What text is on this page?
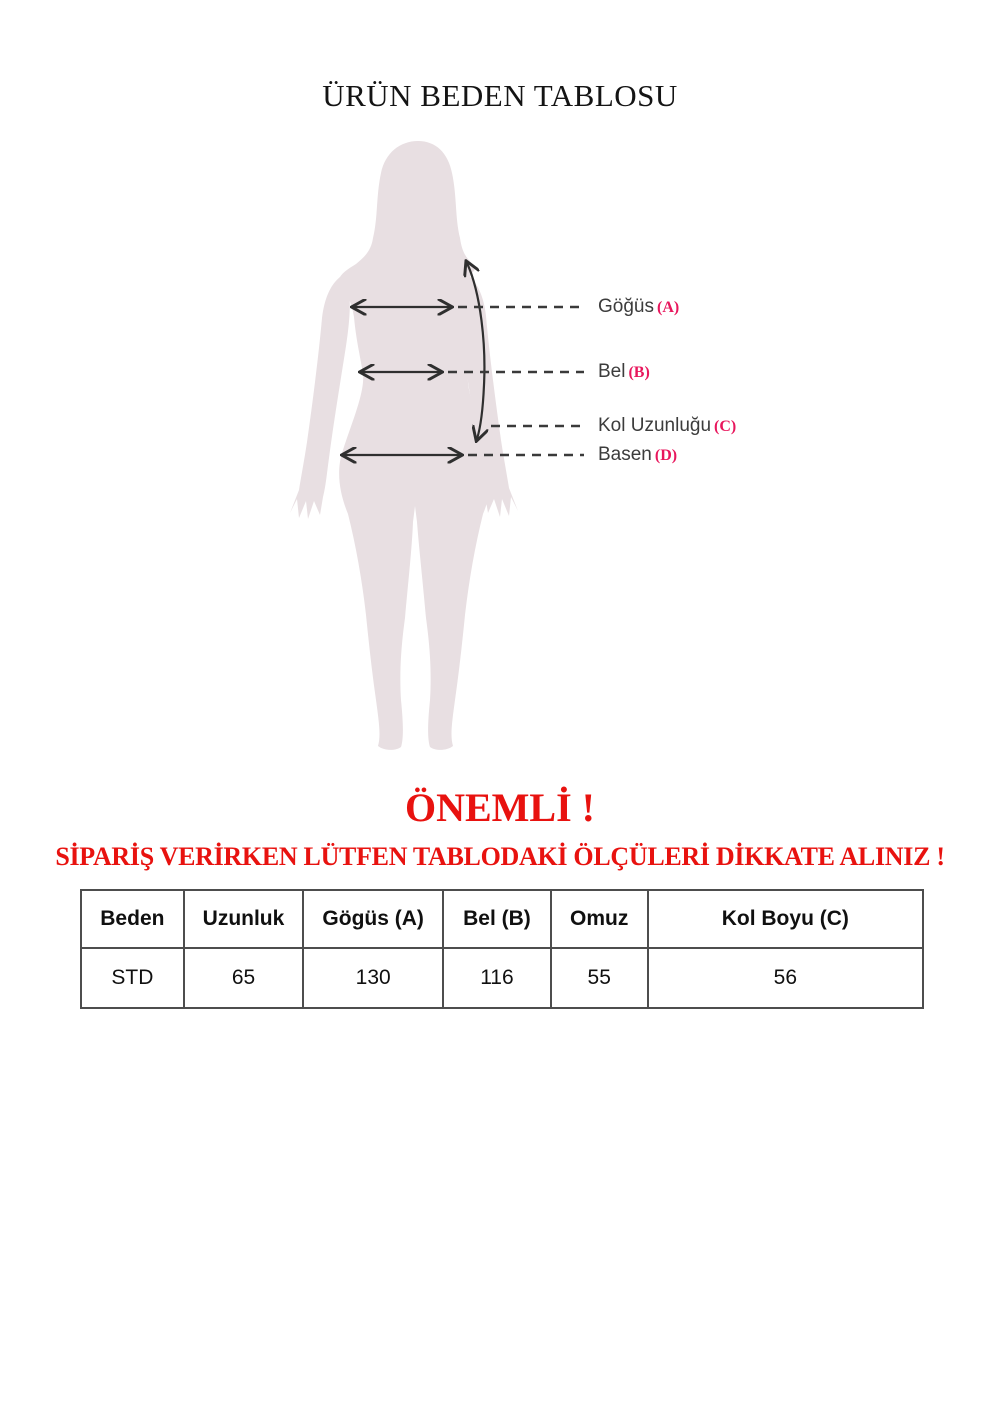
ÜRÜN BEDEN TABLOSU
Göğüs (A)
Bel (B)
Kol Uzunluğu (C)
Basen (D)
ÖNEMLİ !

SİPARİŞ VERİRKEN LÜTFEN TABLODAKİ ÖLÇÜLERİ DİKKATE ALINIZ !

Beden	Uzunluk	Gögüs (A)	Bel (B)	Omuz	Kol Boyu (C)
STD	65	130	116	55	56
